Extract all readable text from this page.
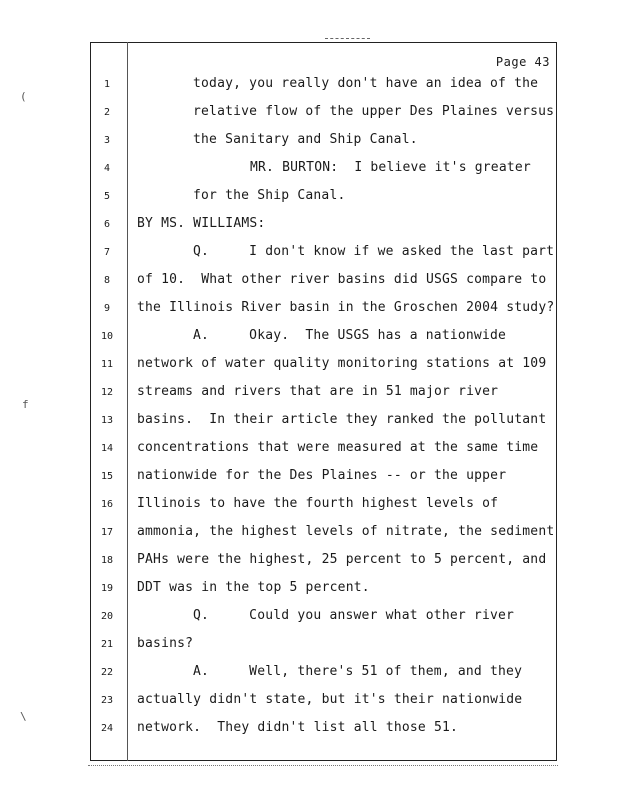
(
f
\
Page 43
1	today, you really don't have an idea of the
2	relative flow of the upper Des Plaines versus
3	the Sanitary and Ship Canal.
4	MR. BURTON:  I believe it's greater
5	for the Ship Canal.
6	BY MS. WILLIAMS:
7	Q.     I don't know if we asked the last part
8	of 10.  What other river basins did USGS compare to
9	the Illinois River basin in the Groschen 2004 study?
10	A.     Okay.  The USGS has a nationwide
11 network of water quality monitoring stations at 109
12 streams and rivers that are in 51 major river
13 basins.  In their article they ranked the pollutant
14 concentrations that were measured at the same time
15 nationwide for the Des Plaines -- or the upper
16 Illinois to have the fourth highest levels of
17 ammonia, the highest levels of nitrate, the sediment
18 PAHs were the highest, 25 percent to 5 percent, and
19 DDT was in the top 5 percent.
20	Q.     Could you answer what other river
21 basins?
22	A.     Well, there's 51 of them, and they
23 actually didn't state, but it's their nationwide
24 network.  They didn't list all those 51.
